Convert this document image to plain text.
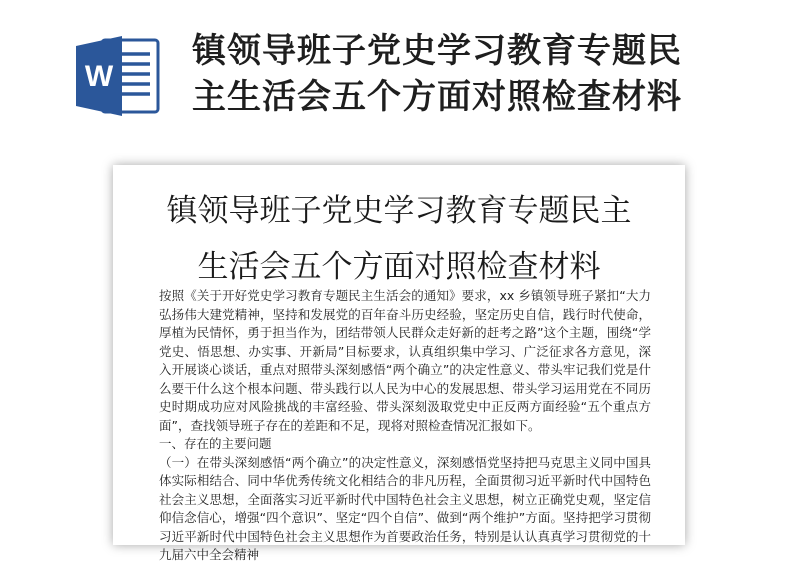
W
镇领导班子党史学习教育专题民
主生活会五个方面对照检查材料
镇领导班子党史学习教育专题民主
生活会五个方面对照检查材料

按照《关于开好党史学习教育专题民主生活会的通知》要求，xx 乡镇领导班子紧扣“大力弘扬伟大建党精神，坚持和发展党的百年奋斗历史经验，坚定历史自信，践行时代使命，厚植为民情怀，勇于担当作为，团结带领人民群众走好新的赶考之路”这个主题，围绕“学党史、悟思想、办实事、开新局”目标要求，认真组织集中学习、广泛征求各方意见，深入开展谈心谈话，重点对照带头深刻感悟“两个确立”的决定性意义、带头牢记我们党是什么要干什么这个根本问题、带头践行以人民为中心的发展思想、带头学习运用党在不同历史时期成功应对风险挑战的丰富经验、带头深刻汲取党史中正反两方面经验“五个重点方面”，查找领导班子存在的差距和不足，现将对照检查情况汇报如下。

一、存在的主要问题

（一）在带头深刻感悟“两个确立”的决定性意义，深刻感悟党坚持把马克思主义同中国具体实际相结合、同中华优秀传统文化相结合的非凡历程，全面贯彻习近平新时代中国特色社会主义思想，全面落实习近平新时代中国特色社会主义思想，树立正确党史观，坚定信仰信念信心，增强“四个意识”、坚定“四个自信”、做到“两个维护”方面。坚持把学习贯彻习近平新时代中国特色社会主义思想作为首要政治任务，特别是认认真真学习贯彻党的十九届六中全会精神
